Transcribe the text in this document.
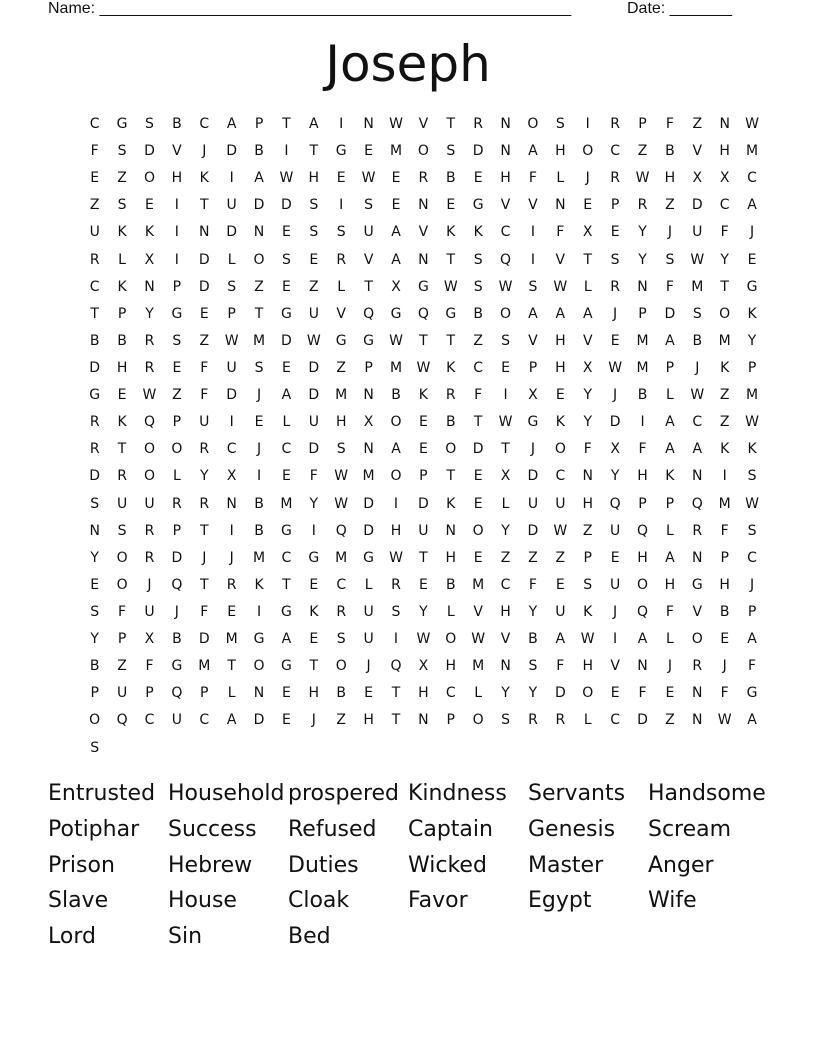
Name: _____________________________________________________	Date: _______
Joseph
C	G	S	B	C	A	P	T	A	I	N	W	V	T	R	N	O	S	I	R	P	F	Z	N	W
F	S	D	V	J	D	B	I	T	G	E	M	O	S	D	N	A	H	O	C	Z	B	V	H	M
E	Z	O	H	K	I	A	W	H	E	W	E	R	B	E	H	F	L	J	R	W	H	X	X	C
Z	S	E	I	T	U	D	D	S	I	S	E	N	E	G	V	V	N	E	P	R	Z	D	C	A
U	K	K	I	N	D	N	E	S	S	U	A	V	K	K	C	I	F	X	E	Y	J	U	F	J
R	L	X	I	D	L	O	S	E	R	V	A	N	T	S	Q	I	V	T	S	Y	S	W	Y	E
C	K	N	P	D	S	Z	E	Z	L	T	X	G	W	S	W	S	W	L	R	N	F	M	T	G
T	P	Y	G	E	P	T	G	U	V	Q	G	Q	G	B	O	A	A	A	J	P	D	S	O	K
B	B	R	S	Z	W	M	D	W	G	G	W	T	T	Z	S	V	H	V	E	M	A	B	M	Y
D	H	R	E	F	U	S	E	D	Z	P	M	W	K	C	E	P	H	X	W	M	P	J	K	P
G	E	W	Z	F	D	J	A	D	M	N	B	K	R	F	I	X	E	Y	J	B	L	W	Z	M
R	K	Q	P	U	I	E	L	U	H	X	O	E	B	T	W	G	K	Y	D	I	A	C	Z	W
R	T	O	O	R	C	J	C	D	S	N	A	E	O	D	T	J	O	F	X	F	A	A	K	K
D	R	O	L	Y	X	I	E	F	W	M	O	P	T	E	X	D	C	N	Y	H	K	N	I	S
S	U	U	R	R	N	B	M	Y	W	D	I	D	K	E	L	U	U	H	Q	P	P	Q	M	W
N	S	R	P	T	I	B	G	I	Q	D	H	U	N	O	Y	D	W	Z	U	Q	L	R	F	S
Y	O	R	D	J	J	M	C	G	M	G	W	T	H	E	Z	Z	Z	P	E	H	A	N	P	C
E	O	J	Q	T	R	K	T	E	C	L	R	E	B	M	C	F	E	S	U	O	H	G	H	J
S	F	U	J	F	E	I	G	K	R	U	S	Y	L	V	H	Y	U	K	J	Q	F	V	B	P
Y	P	X	B	D	M	G	A	E	S	U	I	W	O	W	V	B	A	W	I	A	L	O	E	A
B	Z	F	G	M	T	O	G	T	O	J	Q	X	H	M	N	S	F	H	V	N	J	R	J	F
P	U	P	Q	P	L	N	E	H	B	E	T	H	C	L	Y	Y	D	O	E	F	E	N	F	G
O	Q	C	U	C	A	D	E	J	Z	H	T	N	P	O	S	R	R	L	C	D	Z	N	W	A
S
Entrusted Household prospered Kindness Servants	Handsome
Potiphar	Success	Refused	Captain	Genesis	Scream
Prison	Hebrew	Duties	Wicked	Master	Anger
Slave	House	Cloak	Favor	Egypt	Wife
Lord	Sin	Bed
